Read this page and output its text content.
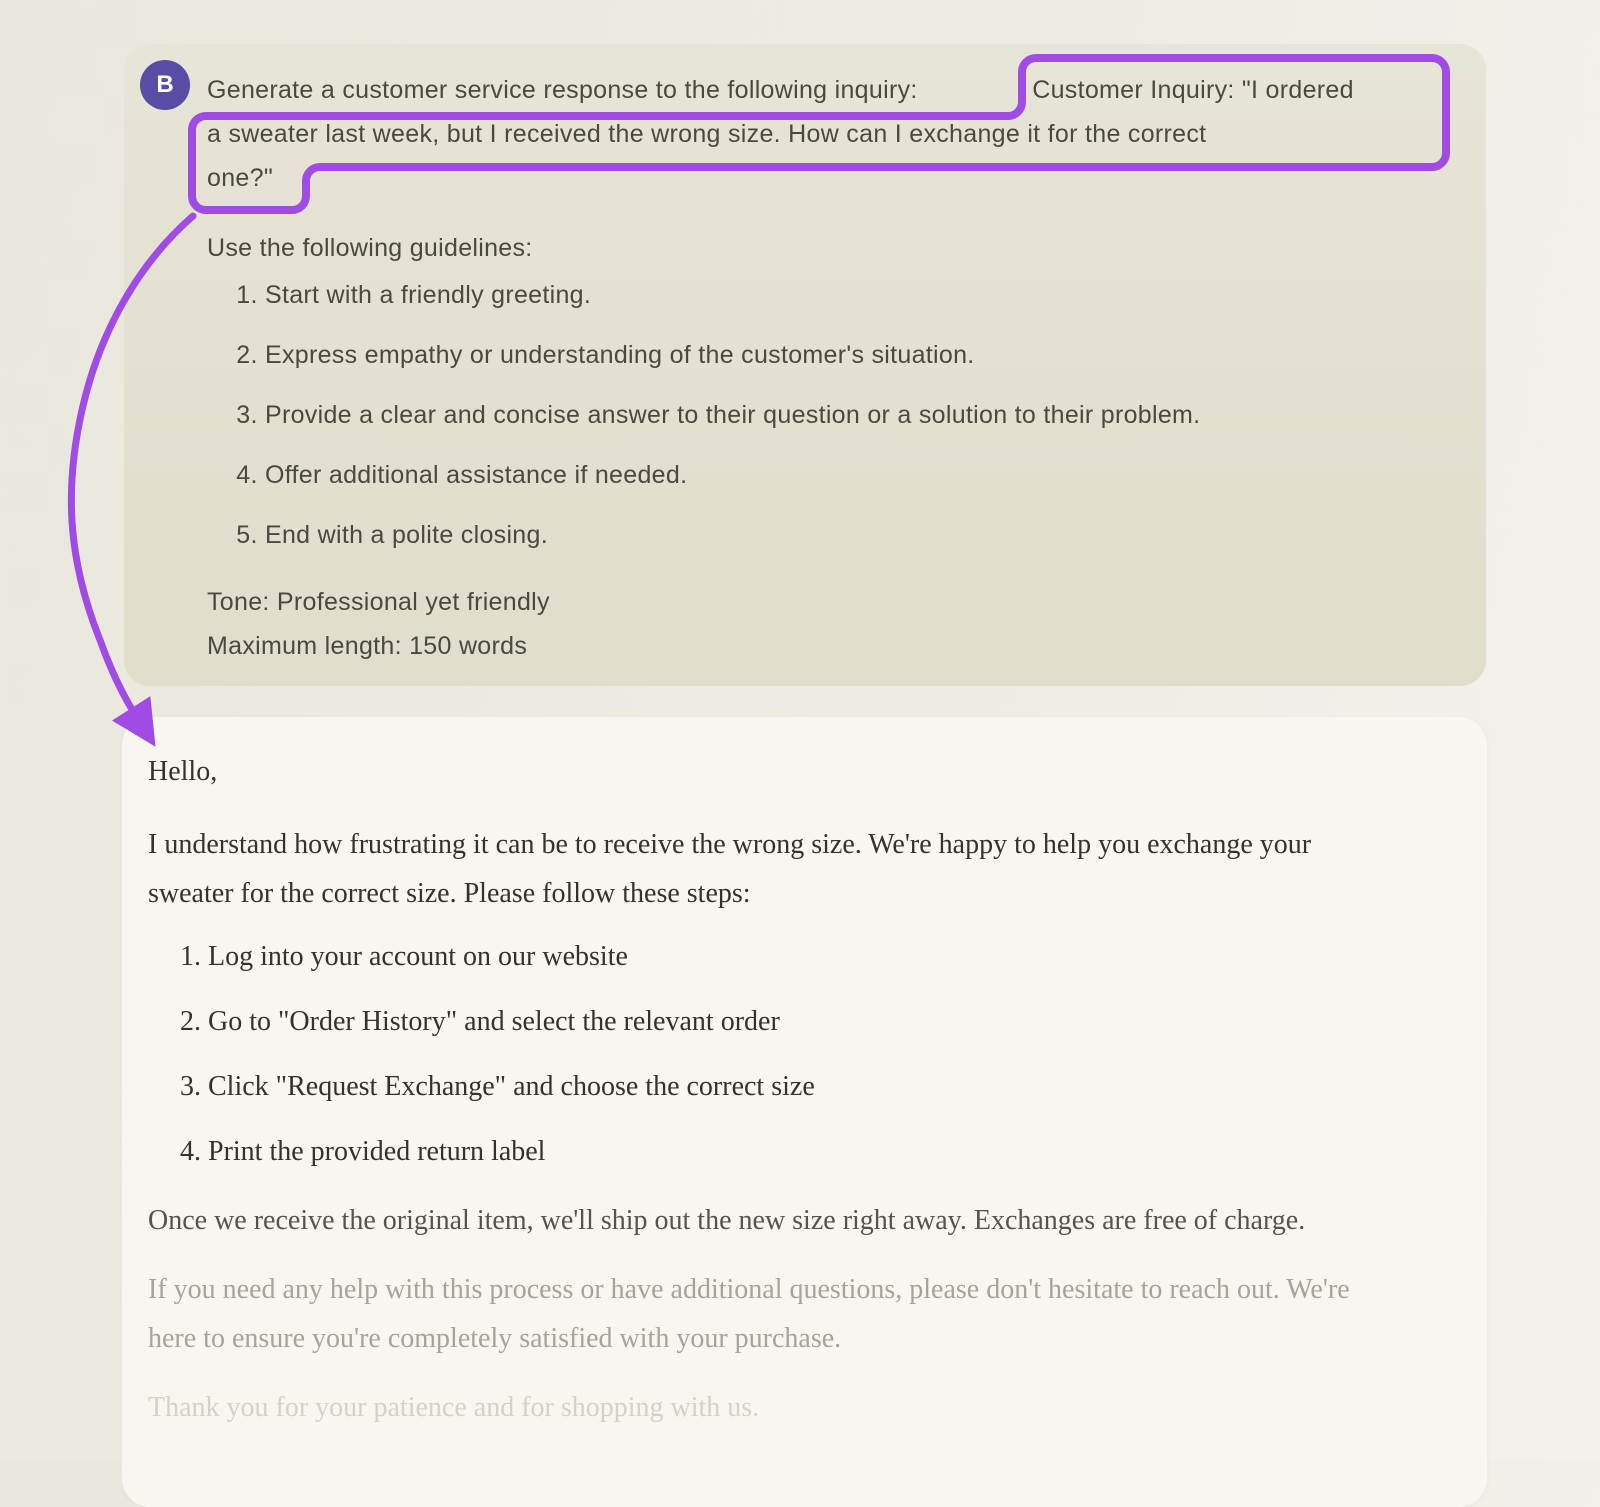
B	Generate a customer service response to the following inquiry:	Customer Inquiry: "I ordered
a sweater last week, but I received the wrong size. How can I exchange it for the correct
one?"
Use the following guidelines:
1. Start with a friendly greeting.
2. Express empathy or understanding of the customer's situation.
3. Provide a clear and concise answer to their question or a solution to their problem.
4. Offer additional assistance if needed.
5. End with a polite closing.
Tone: Professional yet friendly
Maximum length: 150 words

Hello,

I understand how frustrating it can be to receive the wrong size. We're happy to help you exchange your sweater for the correct size. Please follow these steps:

1. Log into your account on our website
2. Go to "Order History" and select the relevant order
3. Click "Request Exchange" and choose the correct size
4. Print the provided return label

Once we receive the original item, we'll ship out the new size right away. Exchanges are free of charge.

If you need any help with this process or have additional questions, please don't hesitate to reach out. We're here to ensure you're completely satisfied with your purchase.

Thank you for your patience and for shopping with us.
